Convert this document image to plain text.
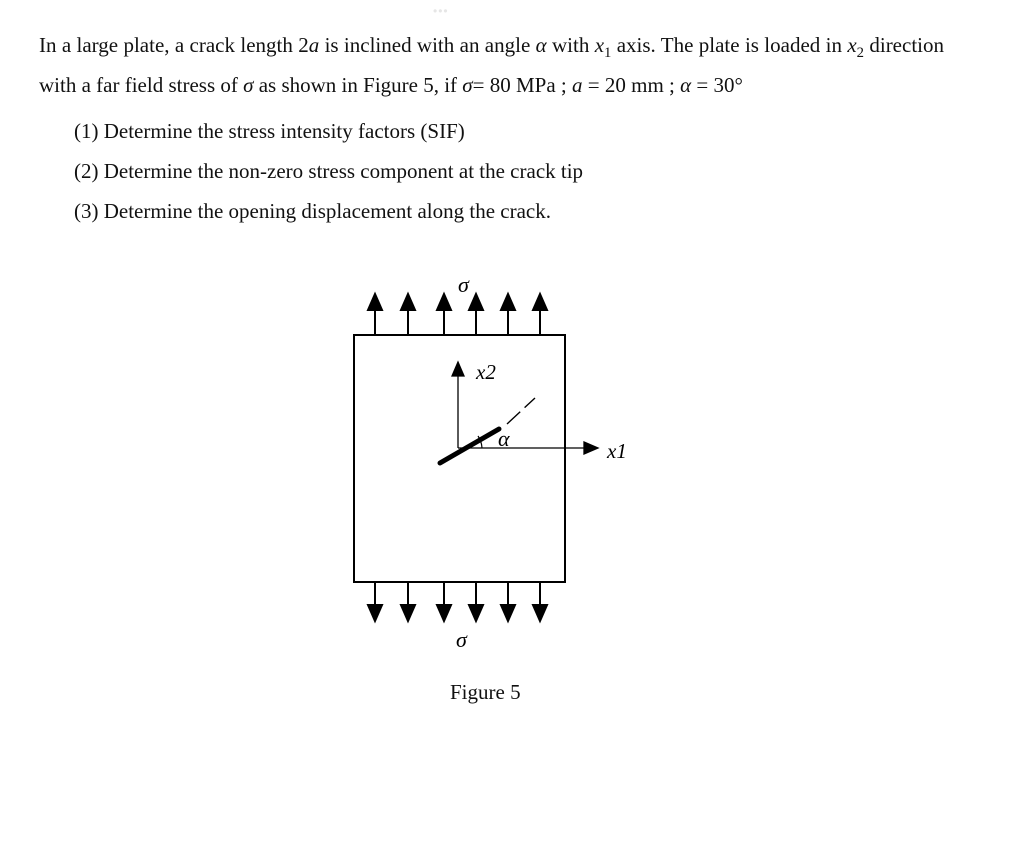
•••
In a large plate, a crack length 2a is inclined with an angle α with $x_1$ axis. The plate is loaded in $x_2$ direction with a far field stress of σ as shown in Figure 5, if σ= 80 MPa ; a = 20 mm ; α = 30°
(1) Determine the stress intensity factors (SIF)
(2) Determine the non-zero stress component at the crack tip
(3) Determine the opening displacement along the crack.
σ
x2
x1
α
σ
Figure 5
